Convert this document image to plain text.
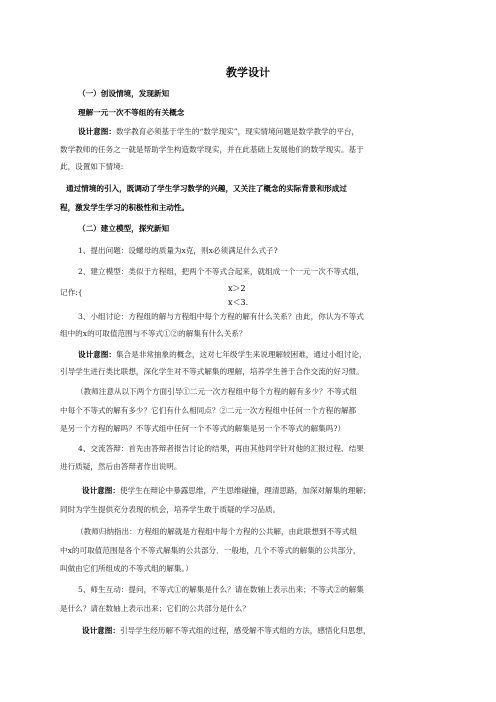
教学设计
（一）创设情境，发现新知
理解一元一次不等组的有关概念
设计意图：数学教育必须基于学生的“数学现实”，现实情境问题是数学教学的平台，
数学教师的任务之一就是帮助学生构造数学现实，并在此基础上发展他们的数学现实。基于
此，设置如下情境:
通过情境的引入，既调动了学生学习数学的兴趣，又关注了概念的实际背景和形成过
程，激发学生学习的积极性和主动性。
（二）建立模型，探究新知
1、提出问题：设螺母的质量为x克，则x必须满足什么式子?
2、建立模型：类似于方程组，把两个不等式合起来，就组成一个一元一次不等式组，
记作:{	x＞2
x＜3.
3、小组讨论：方程组的解与方程组中每个方程的解有什么关系？由此，你认为不等式
组中的x的可取值范围与不等式①②的解集有什么关系？
设计意图：集合是非常抽象的概念，这对七年级学生来说理解较困难，通过小组讨论，
引导学生进行类比联想，深化学生对不等式解集的理解，培养学生善于合作交流的好习惯。
（教师注意从以下两个方面引导①二元一次方程组中每个方程的解有多少？不等式组
中每个不等式的解有多少？它们有什么相同点？②二元一次方程组中任何一个方程的解都
是另一个方程的解吗？不等式组中任何一个不等式的解集是另一个不等式的解集吗?）
4、交流答辩：首先由答辩者报告讨论的结果，再由其他同学针对他的汇报过程、结果
进行质疑，然后由答辩者作出说明。
设计意图：使学生在辩论中暴露思维，产生思维碰撞，理清思路，加深对解集的理解；
同时为学生提供充分表现的机会，培养学生敢于质疑的学习品质。
（教师归纳指出：方程组的解就是方程组中每个方程的公共解，由此联想到不等式组
中x的可取值范围是各个不等式解集的公共部分．一般地，几个不等式的解集的公共部分，
叫做由它们所组成的不等式组的解集。）
5、师生互动：提问，不等式①的解集是什么？请在数轴上表示出来；不等式②的解集
是什么？请在数轴上表示出来；它们的公共部分是什么？
设计意图：引导学生经历解不等式组的过程，感受解不等式组的方法，感悟化归思想，
